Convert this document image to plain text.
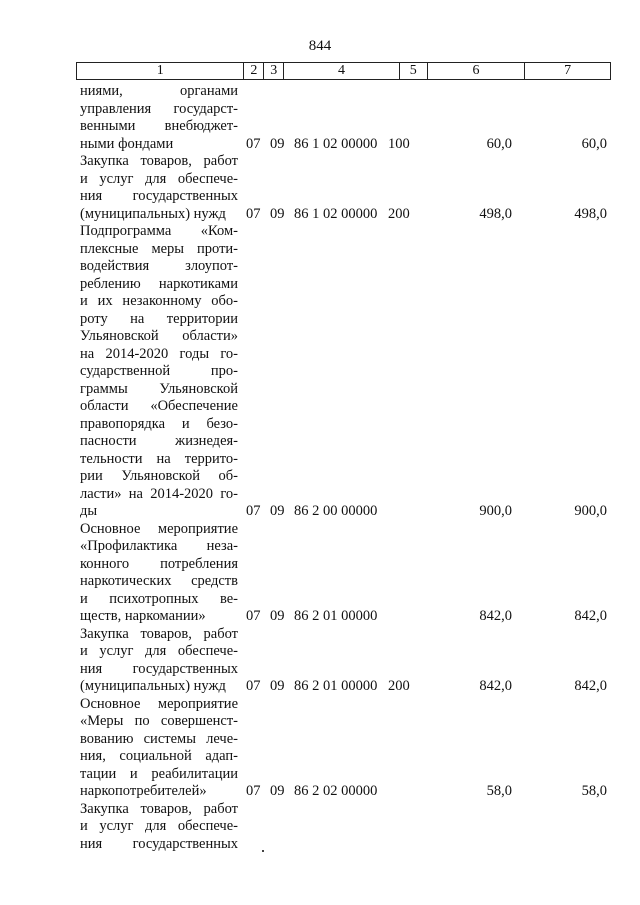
844
1	2 3	4	5	6	7
ниями, органами
управления государст-
венными внебюджет-
ными фондами	07 09 86 1 02 00000 100	60,0	60,0
Закупка товаров, работ
и услуг для обеспече-
ния государственных
(муниципальных) нужд	07 09 86 1 02 00000 200	498,0	498,0
Подпрограмма «Ком-
плексные меры проти-
водействия злоупот-
реблению наркотиками
и их незаконному обо-
роту на территории
Ульяновской области»
на 2014-2020 годы го-
сударственной про-
граммы Ульяновской
области «Обеспечение
правопорядка и безо-
пасности жизнедея-
тельности на террито-
рии Ульяновской об-
ласти» на 2014-2020 го-
ды	07 09 86 2 00 00000	900,0	900,0
Основное мероприятие
«Профилактика неза-
конного потребления
наркотических средств
и психотропных ве-
ществ, наркомании»	07 09 86 2 01 00000	842,0	842,0
Закупка товаров, работ
и услуг для обеспече-
ния государственных
(муниципальных) нужд	07 09 86 2 01 00000 200	842,0	842,0
Основное мероприятие
«Меры по совершенст-
вованию системы лече-
ния, социальной адап-
тации и реабилитации
наркопотребителей»	07 09 86 2 02 00000	58,0	58,0
Закупка товаров, работ
и услуг для обеспече-
ния государственных
